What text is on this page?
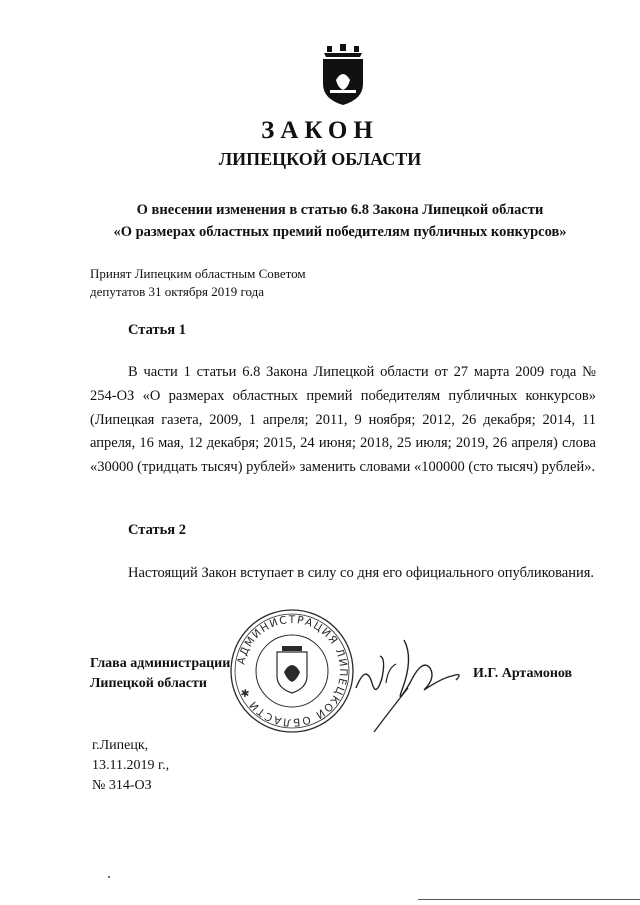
ЗАКОН
ЛИПЕЦКОЙ ОБЛАСТИ
О внесении изменения в статью 6.8 Закона Липецкой области
«О размерах областных премий победителям публичных конкурсов»
Принят Липецким областным Советом
депутатов 31 октября 2019 года
Статья 1
В части 1 статьи 6.8 Закона Липецкой области от 27 марта 2009 года № 254-ОЗ «О размерах областных премий победителям публичных конкурсов» (Липецкая газета, 2009, 1 апреля; 2011, 9 ноября; 2012, 26 декабря; 2014, 11 апреля, 16 мая, 12 декабря; 2015, 24 июня; 2018, 25 июля; 2019, 26 апреля) слова «30000 (тридцать тысяч) рублей» заменить словами «100000 (сто тысяч) рублей».
Статья 2
Настоящий Закон вступает в силу со дня его официального опубликования.
Глава администрации
Липецкой области
АДМИНИСТРАЦИЯ ЛИПЕЦКОЙ ОБЛАСТИ ✱
И.Г. Артамонов
г.Липецк,
13.11.2019 г.,
№ 314-ОЗ
